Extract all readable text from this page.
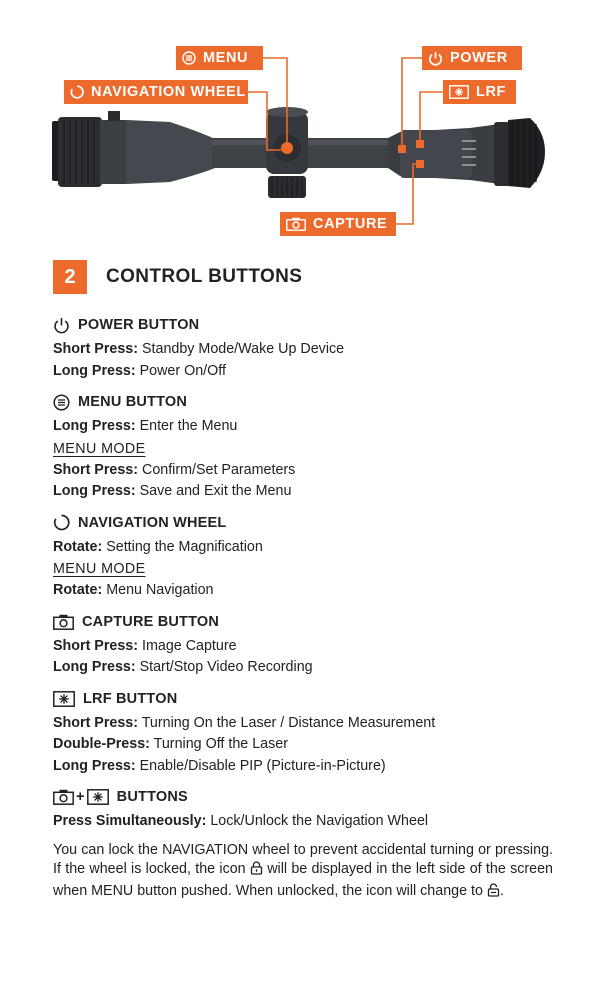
MENU
NAVIGATION WHEEL
POWER
LRF
CAPTURE
2	CONTROL BUTTONS
POWER BUTTON
Short Press: Standby Mode/Wake Up Device
Long Press: Power On/Off
MENU BUTTON
Long Press: Enter the Menu
MENU MODE
Short Press: Confirm/Set Parameters
Long Press: Save and Exit the Menu
NAVIGATION WHEEL
Rotate: Setting the Magnification
MENU MODE
Rotate: Menu Navigation
CAPTURE BUTTON
Short Press: Image Capture
Long Press: Start/Stop Video Recording
LRF BUTTON
Short Press: Turning On the Laser / Distance Measurement
Double-Press: Turning Off the Laser
Long Press: Enable/Disable PIP (Picture-in-Picture)
+ BUTTONS
Press Simultaneously: Lock/Unlock the Navigation Wheel
You can lock the NAVIGATION wheel to prevent accidental turning or pressing. If the wheel is locked, the icon will be displayed in the left side of the screen when MENU button pushed. When unlocked, the icon will change to .
